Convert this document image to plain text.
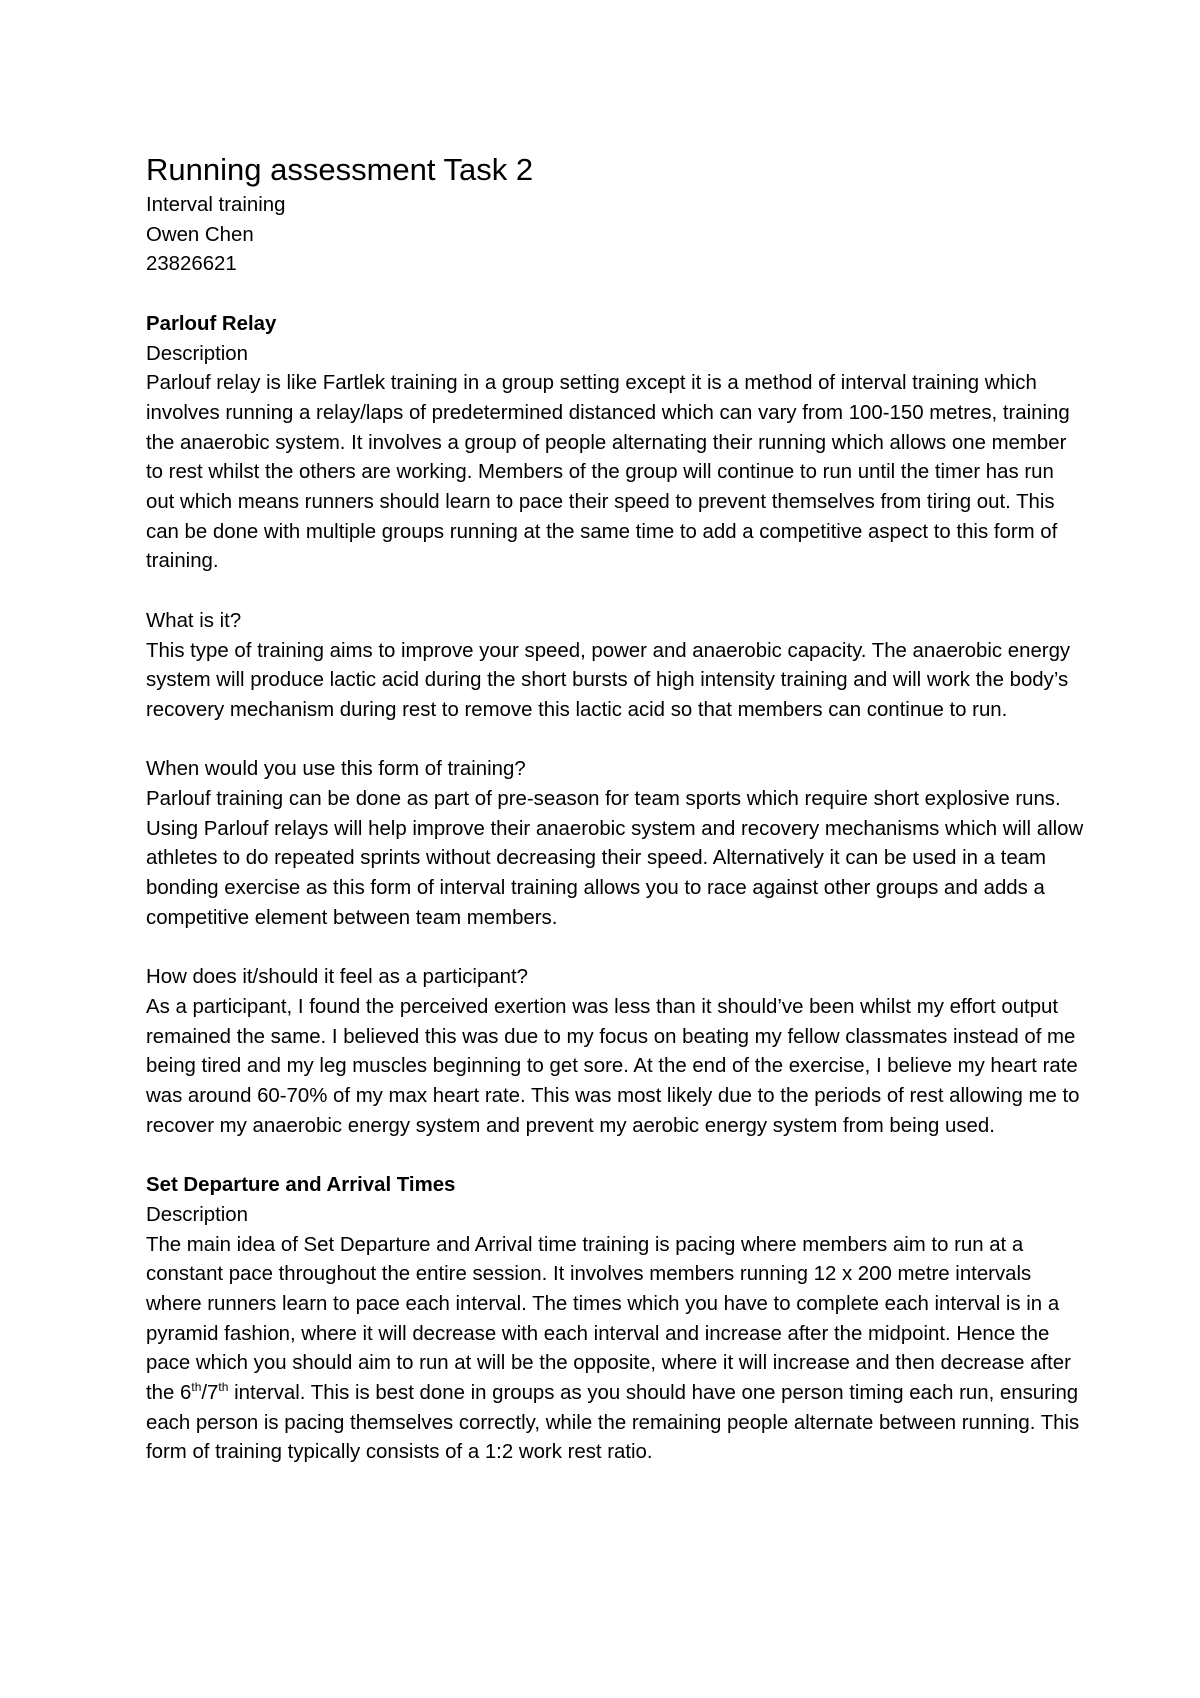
Running assessment Task 2
Interval training
Owen Chen
23826621
Parlouf Relay
Description
Parlouf relay is like Fartlek training in a group setting except it is a method of interval training which involves running a relay/laps of predetermined distanced which can vary from 100-150 metres, training the anaerobic system. It involves a group of people alternating their running which allows one member to rest whilst the others are working. Members of the group will continue to run until the timer has run out which means runners should learn to pace their speed to prevent themselves from tiring out. This can be done with multiple groups running at the same time to add a competitive aspect to this form of training.
What is it?
This type of training aims to improve your speed, power and anaerobic capacity. The anaerobic energy system will produce lactic acid during the short bursts of high intensity training and will work the body’s recovery mechanism during rest to remove this lactic acid so that members can continue to run.
When would you use this form of training?
Parlouf training can be done as part of pre-season for team sports which require short explosive runs. Using Parlouf relays will help improve their anaerobic system and recovery mechanisms which will allow athletes to do repeated sprints without decreasing their speed. Alternatively it can be used in a team bonding exercise as this form of interval training allows you to race against other groups and adds a competitive element between team members.
How does it/should it feel as a participant?
As a participant, I found the perceived exertion was less than it should’ve been whilst my effort output remained the same. I believed this was due to my focus on beating my fellow classmates instead of me being tired and my leg muscles beginning to get sore. At the end of the exercise, I believe my heart rate was around 60-70% of my max heart rate. This was most likely due to the periods of rest allowing me to recover my anaerobic energy system and prevent my aerobic energy system from being used.
Set Departure and Arrival Times
Description
The main idea of Set Departure and Arrival time training is pacing where members aim to run at a constant pace throughout the entire session. It involves members running 12 x 200 metre intervals where runners learn to pace each interval. The times which you have to complete each interval is in a pyramid fashion, where it will decrease with each interval and increase after the midpoint. Hence the pace which you should aim to run at will be the opposite, where it will increase and then decrease after the 6th/7th interval. This is best done in groups as you should have one person timing each run, ensuring each person is pacing themselves correctly, while the remaining people alternate between running. This form of training typically consists of a 1:2 work rest ratio.
